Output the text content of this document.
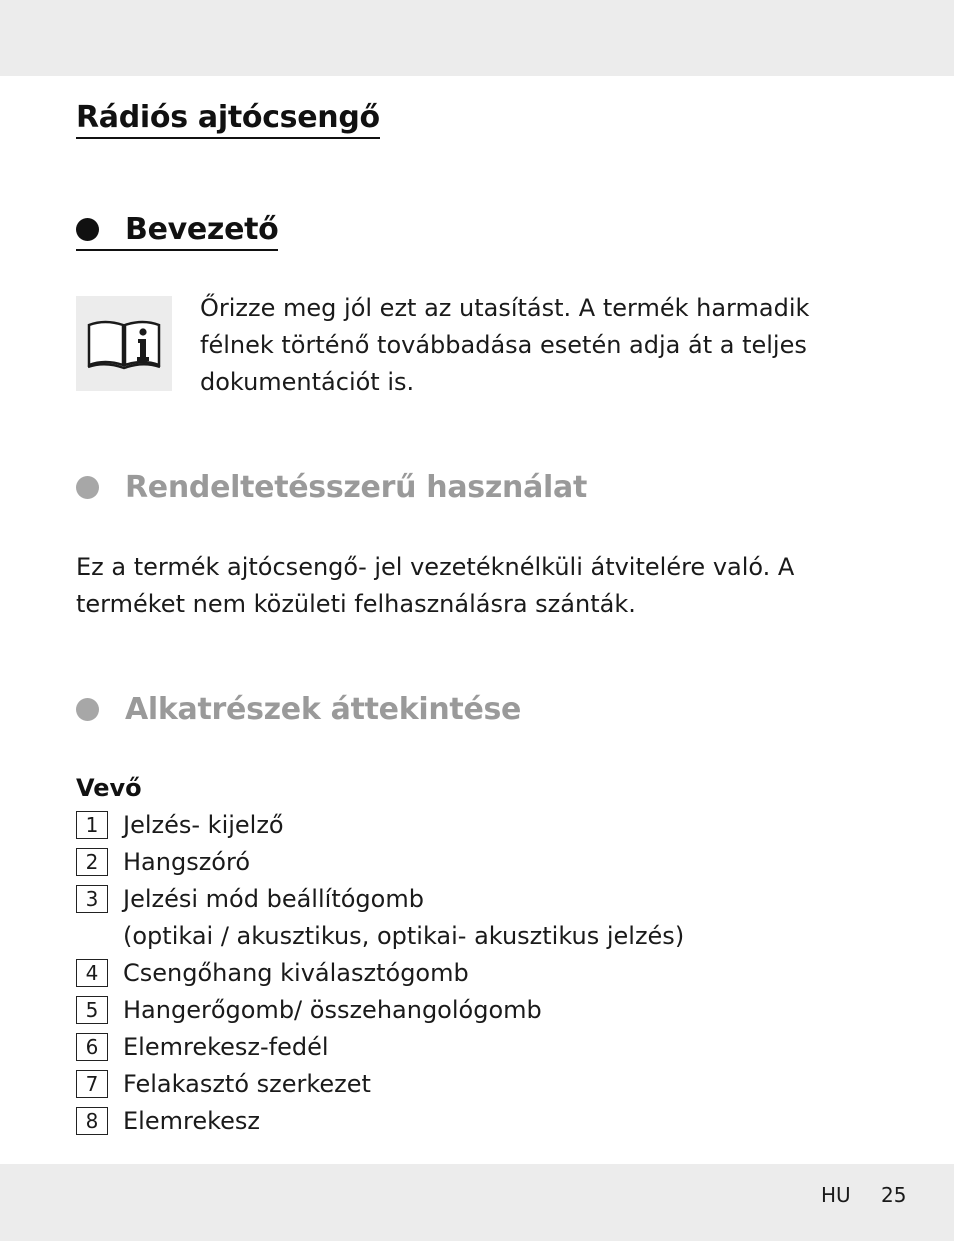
Rádiós ajtócsengő
Bevezető

Őrizze meg jól ezt az utasítást. A termék harmadik félnek történő továbbadása esetén adja át a teljes dokumentációt is.

Rendeltetésszerű használat

Ez a termék ajtócsengő- jel vezetéknélküli átvitelére való. A terméket nem közületi felhasználásra szánták.

Alkatrészek áttekintése
Vevő
1	Jelzés- kijelző
2	Hangszóró
3	Jelzési mód beállítógomb
(optikai / akusztikus, optikai- akusztikus jelzés)
4	Csengőhang kiválasztógomb
5	Hangerőgomb/ összehangológomb
6	Elemrekesz-fedél
7	Felakasztó szerkezet
8	Elemrekesz
HU 25
